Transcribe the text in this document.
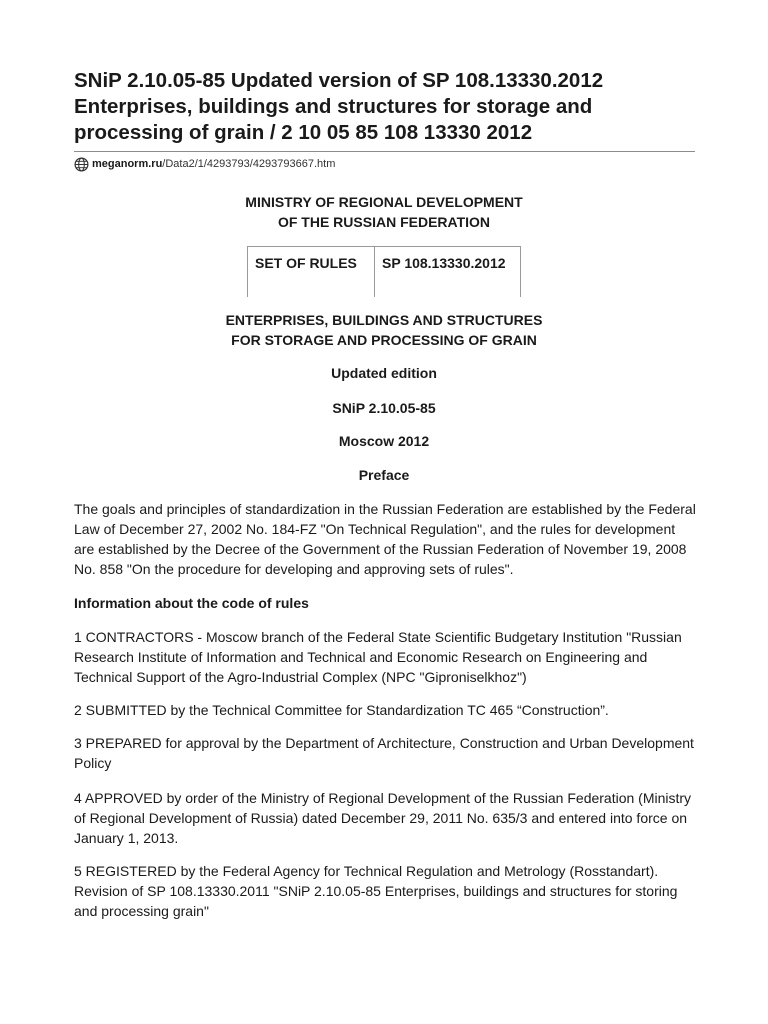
SNiP 2.10.05-85 Updated version of SP 108.13330.2012 Enterprises, buildings and structures for storage and processing of grain / 2 10 05 85 108 13330 2012
meganorm.ru /Data2/1/4293793/4293793667.htm
MINISTRY OF REGIONAL DEVELOPMENT
OF THE RUSSIAN FEDERATION
SET OF RULES	SP 108.13330.2012
ENTERPRISES, BUILDINGS AND STRUCTURES
FOR STORAGE AND PROCESSING OF GRAIN
Updated edition
SNiP 2.10.05-85
Moscow 2012
Preface

The goals and principles of standardization in the Russian Federation are established by the Federal Law of December 27, 2002 No. 184-FZ "On Technical Regulation", and the rules for development are established by the Decree of the Government of the Russian Federation of November 19, 2008 No. 858 "On the procedure for developing and approving sets of rules".

Information about the code of rules

1 CONTRACTORS - Moscow branch of the Federal State Scientific Budgetary Institution "Russian Research Institute of Information and Technical and Economic Research on Engineering and Technical Support of the Agro-Industrial Complex (NPC "Giproniselkhoz")

2 SUBMITTED by the Technical Committee for Standardization TC 465 “Construction”.

3 PREPARED for approval by the Department of Architecture, Construction and Urban Development Policy

4 APPROVED by order of the Ministry of Regional Development of the Russian Federation (Ministry of Regional Development of Russia) dated December 29, 2011 No. 635/3 and entered into force on January 1, 2013.

5 REGISTERED by the Federal Agency for Technical Regulation and Metrology (Rosstandart). Revision of SP 108.13330.2011 "SNiP 2.10.05-85 Enterprises, buildings and structures for storing and processing grain"
